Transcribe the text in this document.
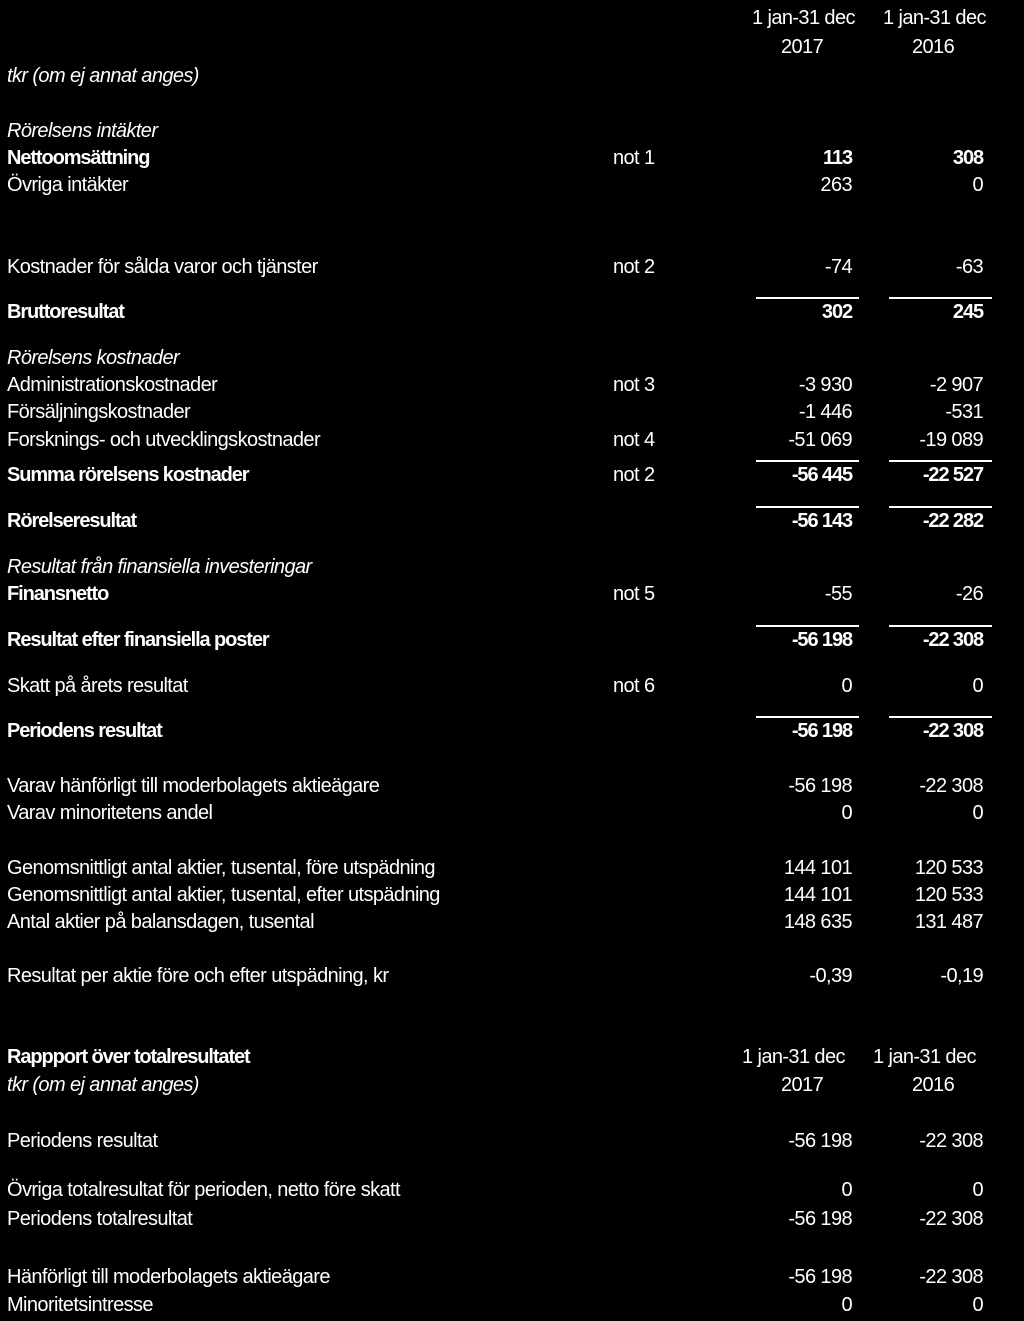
1 jan-31 dec 1 jan-31 dec
2017	2016
tkr (om ej annat anges)
Rörelsens intäkter
Nettoomsättning	not 1	113	308
Övriga intäkter	263	0
Kostnader för sålda varor och tjänster	not 2	-74	-63
Bruttoresultat	302	245
Rörelsens kostnader
Administrationskostnader	not 3	-3 930	-2 907
Försäljningskostnader	-1 446	-531
Forsknings- och utvecklingskostnader	not 4	-51 069	-19 089
Summa rörelsens kostnader	not 2	-56 445	-22 527
Rörelseresultat	-56 143	-22 282
Resultat från finansiella investeringar
Finansnetto	not 5	-55	-26
Resultat efter finansiella poster	-56 198	-22 308
Skatt på årets resultat	not 6	0	0
Periodens resultat	-56 198	-22 308
Varav hänförligt till moderbolagets aktieägare	-56 198	-22 308
Varav minoritetens andel	0	0
Genomsnittligt antal aktier, tusental, före utspädning	144 101	120 533
Genomsnittligt antal aktier, tusental, efter utspädning	144 101	120 533
Antal aktier på balansdagen, tusental	148 635	131 487
Resultat per aktie före och efter utspädning, kr	-0,39	-0,19
Rappport över totalresultatet	1 jan-31 dec 1 jan-31 dec
tkr (om ej annat anges)	2017	2016
Periodens resultat	-56 198	-22 308
Övriga totalresultat för perioden, netto före skatt	0	0
Periodens totalresultat	-56 198	-22 308
Hänförligt till moderbolagets aktieägare	-56 198	-22 308
Minoritetsintresse	0	0
